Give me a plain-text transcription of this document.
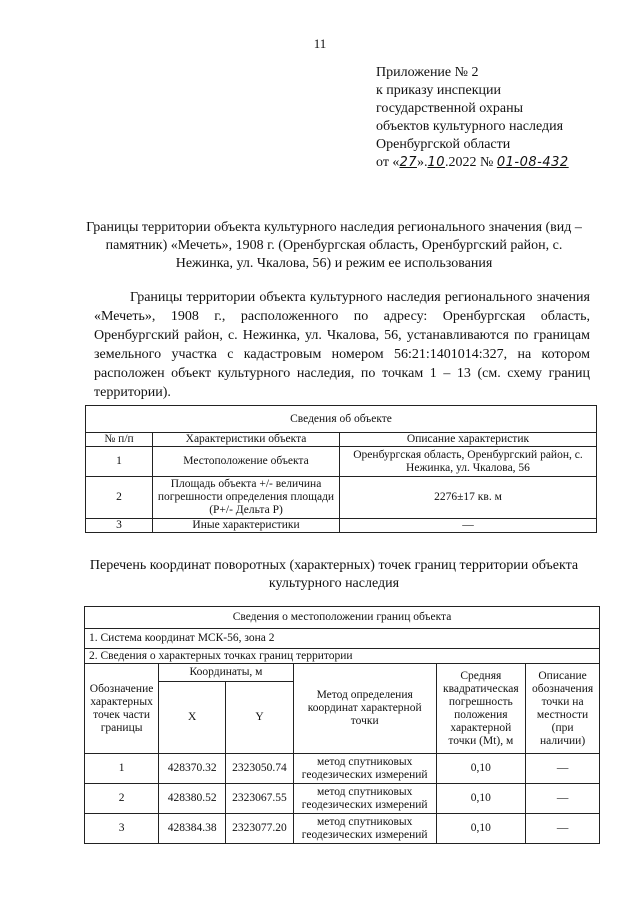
11
Приложение № 2
к приказу инспекции
государственной охраны
объектов культурного наследия
Оренбургской области
от «27».10.2022 № 01-08-432
Границы территории объекта культурного наследия регионального значения (вид – памятник) «Мечеть», 1908 г. (Оренбургская область, Оренбургский район, с. Нежинка, ул. Чкалова, 56) и режим ее использования
Границы территории объекта культурного наследия регионального значения «Мечеть», 1908 г., расположенного по адресу: Оренбургская область, Оренбургский район, с. Нежинка, ул. Чкалова, 56, устанавливаются по границам земельного участка с кадастровым номером 56:21:1401014:327, на котором расположен объект культурного наследия, по точкам 1 – 13 (см. схему границ территории).
Сведения об объекте		
№ п/п	Характеристики объекта	Описание характеристик
1	Местоположение объекта	Оренбургская область, Оренбургский район, с. Нежинка, ул. Чкалова, 56
2	Площадь объекта +/- величина погрешности определения площади (Р+/- Дельта Р)	2276±17 кв. м
3	Иные характеристики	—
Перечень координат поворотных (характерных) точек границ территории объекта культурного наследия
Сведения о местоположении границ объекта					
1. Система координат МСК-56, зона 2					
2. Сведения о характерных точках границ территории					
Обозначение характерных точек части границы	Координаты, м		Метод определения координат характерной точки	Средняя квадратическая погрешность положения характерной точки (Mt), м	Описание обозначения точки на местности (при наличии)
	X	Y			
1	428370.32	2323050.74	метод спутниковых геодезических измерений	0,10	—
2	428380.52	2323067.55	метод спутниковых геодезических измерений	0,10	—
3	428384.38	2323077.20	метод спутниковых геодезических измерений	0,10	—
